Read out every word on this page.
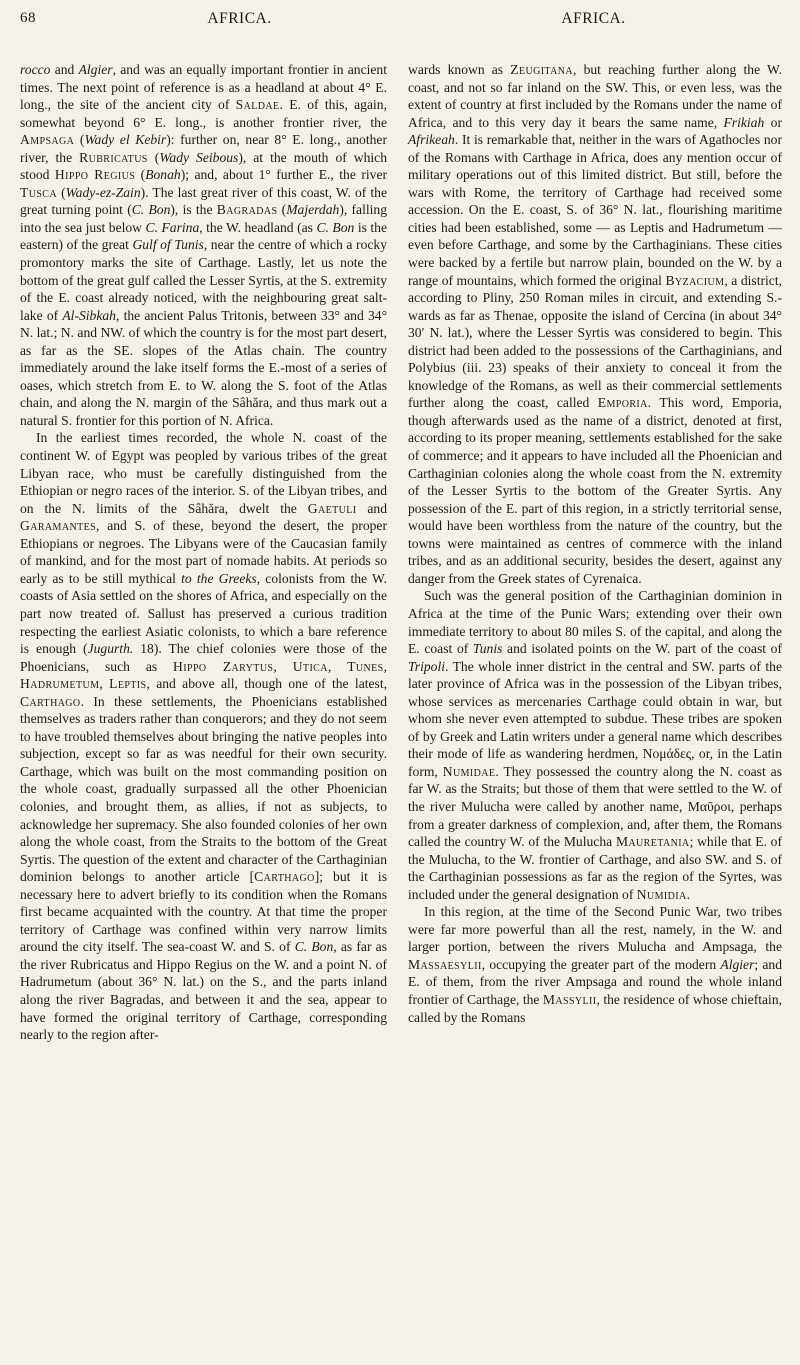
68	AFRICA.	AFRICA.

rocco and Algier, and was an equally important frontier in ancient times. The next point of reference is as a headland at about 4° E. long., the site of the ancient city of Saldae. E. of this, again, somewhat beyond 6° E. long., is another frontier river, the Ampsaga (Wady el Kebir): further on, near 8° E. long., another river, the Rubricatus (Wady Seibous), at the mouth of which stood Hippo Regius (Bonah); and, about 1° further E., the river Tusca (Wady-ez-Zain). The last great river of this coast, W. of the great turning point (C. Bon), is the Bagradas (Majerdah), falling into the sea just below C. Farina, the W. headland (as C. Bon is the eastern) of the great Gulf of Tunis, near the centre of which a rocky promontory marks the site of Carthage. Lastly, let us note the bottom of the great gulf called the Lesser Syrtis, at the S. extremity of the E. coast already noticed, with the neighbouring great salt-lake of Al-Sibkah, the ancient Palus Tritonis, between 33° and 34° N. lat.; N. and NW. of which the country is for the most part desert, as far as the SE. slopes of the Atlas chain. The country immediately around the lake itself forms the E.-most of a series of oases, which stretch from E. to W. along the S. foot of the Atlas chain, and along the N. margin of the Sâhăra, and thus mark out a natural S. frontier for this portion of N. Africa.

In the earliest times recorded, the whole N. coast of the continent W. of Egypt was peopled by various tribes of the great Libyan race, who must be carefully distinguished from the Ethiopian or negro races of the interior. S. of the Libyan tribes, and on the N. limits of the Sâhăra, dwelt the Gaetuli and Garamantes, and S. of these, beyond the desert, the proper Ethiopians or negroes. The Libyans were of the Caucasian family of mankind, and for the most part of nomade habits. At periods so early as to be still mythical to the Greeks, colonists from the W. coasts of Asia settled on the shores of Africa, and especially on the part now treated of. Sallust has preserved a curious tradition respecting the earliest Asiatic colonists, to which a bare reference is enough (Jugurth. 18). The chief colonies were those of the Phoenicians, such as Hippo Zarytus, Utica, Tunes, Hadrumetum, Leptis, and above all, though one of the latest, Carthago. In these settlements, the Phoenicians established themselves as traders rather than conquerors; and they do not seem to have troubled themselves about bringing the native peoples into subjection, except so far as was needful for their own security. Carthage, which was built on the most commanding position on the whole coast, gradually surpassed all the other Phoenician colonies, and brought them, as allies, if not as subjects, to acknowledge her supremacy. She also founded colonies of her own along the whole coast, from the Straits to the bottom of the Great Syrtis. The question of the extent and character of the Carthaginian dominion belongs to another article [Carthago]; but it is necessary here to advert briefly to its condition when the Romans first became acquainted with the country. At that time the proper territory of Carthage was confined within very narrow limits around the city itself. The sea-coast W. and S. of C. Bon, as far as the river Rubricatus and Hippo Regius on the W. and a point N. of Hadrumetum (about 36° N. lat.) on the S., and the parts inland along the river Bagradas, and between it and the sea, appear to have formed the original territory of Carthage, corresponding nearly to the region after-

wards known as Zeugitana, but reaching further along the W. coast, and not so far inland on the SW. This, or even less, was the extent of country at first included by the Romans under the name of Africa, and to this very day it bears the same name, Frikiah or Afrikeah. It is remarkable that, neither in the wars of Agathocles nor of the Romans with Carthage in Africa, does any mention occur of military operations out of this limited district. But still, before the wars with Rome, the territory of Carthage had received some accession. On the E. coast, S. of 36° N. lat., flourishing maritime cities had been established, some — as Leptis and Hadrumetum — even before Carthage, and some by the Carthaginians. These cities were backed by a fertile but narrow plain, bounded on the W. by a range of mountains, which formed the original Byzacium, a district, according to Pliny, 250 Roman miles in circuit, and extending S.-wards as far as Thenae, opposite the island of Cercina (in about 34° 30′ N. lat.), where the Lesser Syrtis was considered to begin. This district had been added to the possessions of the Carthaginians, and Polybius (iii. 23) speaks of their anxiety to conceal it from the knowledge of the Romans, as well as their commercial settlements further along the coast, called Emporia. This word, Emporia, though afterwards used as the name of a district, denoted at first, according to its proper meaning, settlements established for the sake of commerce; and it appears to have included all the Phoenician and Carthaginian colonies along the whole coast from the N. extremity of the Lesser Syrtis to the bottom of the Greater Syrtis. Any possession of the E. part of this region, in a strictly territorial sense, would have been worthless from the nature of the country, but the towns were maintained as centres of commerce with the inland tribes, and as an additional security, besides the desert, against any danger from the Greek states of Cyrenaica.

Such was the general position of the Carthaginian dominion in Africa at the time of the Punic Wars; extending over their own immediate territory to about 80 miles S. of the capital, and along the E. coast of Tunis and isolated points on the W. part of the coast of Tripoli. The whole inner district in the central and SW. parts of the later province of Africa was in the possession of the Libyan tribes, whose services as mercenaries Carthage could obtain in war, but whom she never even attempted to subdue. These tribes are spoken of by Greek and Latin writers under a general name which describes their mode of life as wandering herdmen, Νομάδες, or, in the Latin form, Numidae. They possessed the country along the N. coast as far W. as the Straits; but those of them that were settled to the W. of the river Mulucha were called by another name, Μαῦροι, perhaps from a greater darkness of complexion, and, after them, the Romans called the country W. of the Mulucha Mauretania; while that E. of the Mulucha, to the W. frontier of Carthage, and also SW. and S. of the Carthaginian possessions as far as the region of the Syrtes, was included under the general designation of Numidia.

In this region, at the time of the Second Punic War, two tribes were far more powerful than all the rest, namely, in the W. and larger portion, between the rivers Mulucha and Ampsaga, the Massaesylii, occupying the greater part of the modern Algier; and E. of them, from the river Ampsaga and round the whole inland frontier of Carthage, the Massylii, the residence of whose chieftain, called by the Romans
